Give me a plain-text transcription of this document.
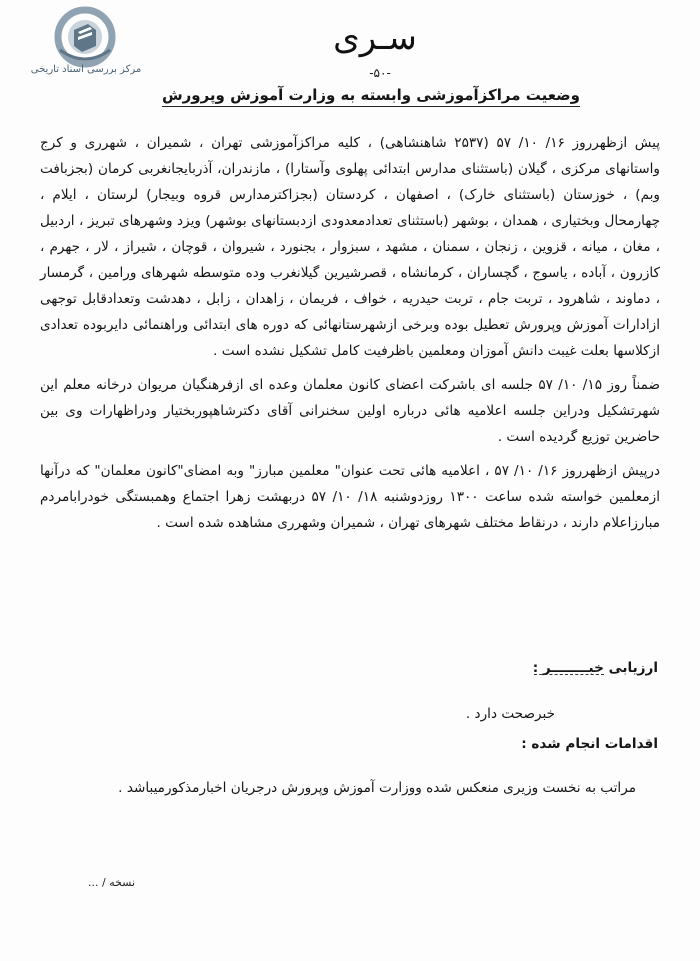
مرکز بررسی اسناد تاریخی
سـری
-۵۰-
وضعیت مراکزآموزشی وابسته به وزارت آموزش وپرورش

پیش ازظهرروز ۱۶/ ۱۰/ ۵۷ (۲۵۳۷ شاهنشاهی) ، کلیه مراکزآموزشی تهران ، شمیران ، شهرری و کرج واستانهای مرکزی ، گیلان (باستثنای مدارس ابتدائی پهلوی وآستارا) ، مازندران، آذربایجانغربی کرمان (بجزبافت وبم) ، خوزستان (باستثنای خارک) ، اصفهان ، کردستان (بجزاکترمدارس قروه وبیجار) لرستان ، ایلام ، چهارمحال وبختیاری ، همدان ، بوشهر (باستثنای تعدادمعدودی ازدبستانهای بوشهر) ویزد وشهرهای تبریز ، اردبیل ، مغان ، میانه ، قزوین ، زنجان ، سمنان ، مشهد ، سبزوار ، بجنورد ، شیروان ، قوچان ، شیراز ، لار ، جهرم ، کازرون ، آباده ، یاسوج ، گچساران ، کرمانشاه ، قصرشیرین گیلانغرب وده متوسطه شهرهای ورامین ، گرمسار ، دماوند ، شاهرود ، تربت جام ، تربت حیدریه ، خواف ، فریمان ، زاهدان ، زابل ، دهدشت وتعدادقابل توجهی ازادارات آموزش وپرورش تعطیل بوده وبرخی ازشهرستانهائی که دوره های ابتدائی وراهنمائی دایربوده تعدادی ازکلاسها بعلت غیبت دانش آموزان ومعلمین باظرفیت کامل تشکیل نشده است .

ضمناً روز ۱۵/ ۱۰/ ۵۷ جلسه ای باشرکت اعضای کانون معلمان وعده ای ازفرهنگیان مریوان درخانه معلم این شهرتشکیل ودراین جلسه اعلامیه هائی درباره اولین سخنرانی آقای دکترشاهپوربختیار ودراظهارات وی بین حاضرین توزیع گردیده است .

درپیش ازظهرروز ۱۶/ ۱۰/ ۵۷ ، اعلامیه هائی تحت عنوان" معلمین مبارز" وبه امضای"کانون معلمان" که درآنها ازمعلمین خواسته شده ساعت ۱۳۰۰ روزدوشنبه ۱۸/ ۱۰/ ۵۷ دربهشت زهرا اجتماع وهمبستگی خودرابامردم مبارزاعلام دارند ، درنقاط مختلف شهرهای تهران ، شمیران وشهرری مشاهده شده است .

ارزیابی خبــــــــر :
خبرصحت دارد .
اقدامات انجام شده :
مراتب به نخست وزیری منعکس شده ووزارت آموزش وپرورش درجریان اخبارمذکورمیباشد .
نسخه / ...
